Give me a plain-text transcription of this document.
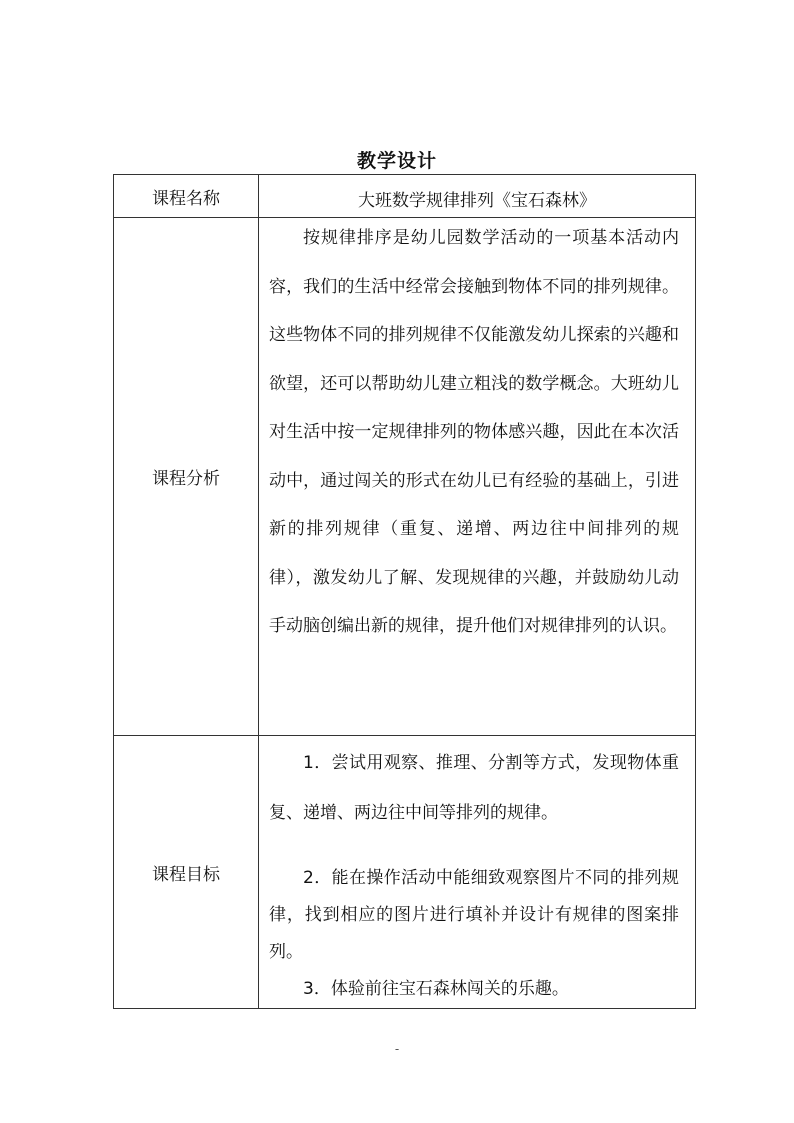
教学设计
课程名称	大班数学规律排列《宝石森林》
课程分析	按规律排序是幼儿园数学活动的一项基本活动内容，我们的生活中经常会接触到物体不同的排列规律。这些物体不同的排列规律不仅能激发幼儿探索的兴趣和欲望，还可以帮助幼儿建立粗浅的数学概念。大班幼儿对生活中按一定规律排列的物体感兴趣，因此在本次活动中，通过闯关的形式在幼儿已有经验的基础上，引进新的排列规律（重复、递增、两边往中间排列的规律），激发幼儿了解、发现规律的兴趣，并鼓励幼儿动手动脑创编出新的规律，提升他们对规律排列的认识。

课程目标	1．尝试用观察、推理、分割等方式，发现物体重复、递增、两边往中间等排列的规律。

2．能在操作活动中能细致观察图片不同的排列规律，找到相应的图片进行填补并设计有规律的图案排列。

3．体验前往宝石森林闯关的乐趣。

-
